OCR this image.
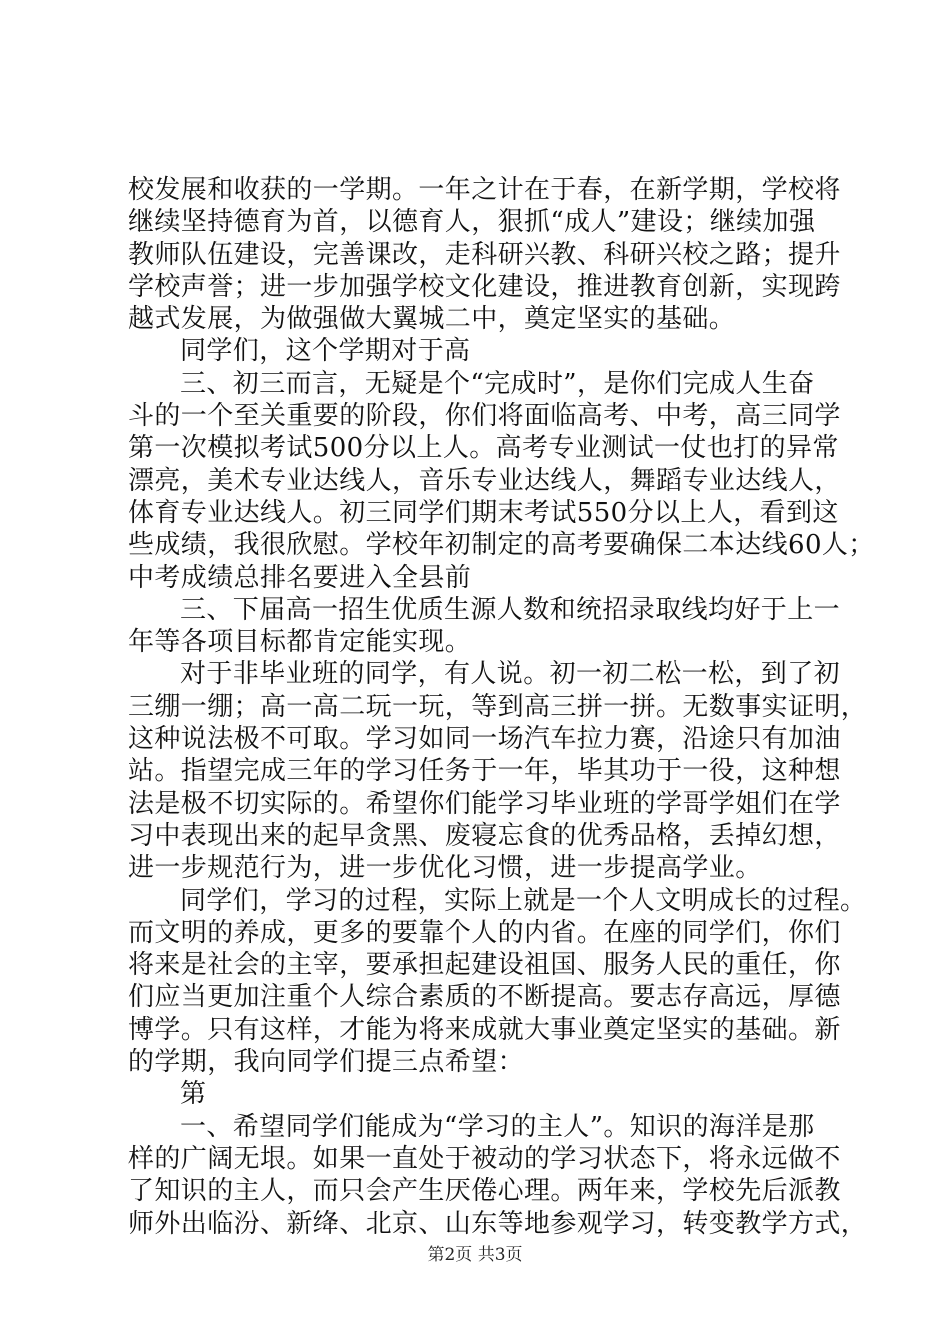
校发展和收获的一学期。一年之计在于春，在新学期，学校将
继续坚持德育为首，以德育人，狠抓“成人”建设；继续加强
教师队伍建设，完善课改，走科研兴教、科研兴校之路；提升
学校声誉；进一步加强学校文化建设，推进教育创新，实现跨
越式发展，为做强做大翼城二中，奠定坚实的基础。
同学们，这个学期对于高
三、初三而言，无疑是个“完成时”，是你们完成人生奋
斗的一个至关重要的阶段，你们将面临高考、中考，高三同学
第一次模拟考试500分以上人。高考专业测试一仗也打的异常
漂亮，美术专业达线人，音乐专业达线人，舞蹈专业达线人，
体育专业达线人。初三同学们期末考试550分以上人，看到这
些成绩，我很欣慰。学校年初制定的高考要确保二本达线60人；
中考成绩总排名要进入全县前
三、下届高一招生优质生源人数和统招录取线均好于上一
年等各项目标都肯定能实现。
对于非毕业班的同学，有人说。初一初二松一松，到了初
三绷一绷；高一高二玩一玩，等到高三拼一拼。无数事实证明，
这种说法极不可取。学习如同一场汽车拉力赛，沿途只有加油
站。指望完成三年的学习任务于一年，毕其功于一役，这种想
法是极不切实际的。希望你们能学习毕业班的学哥学姐们在学
习中表现出来的起早贪黑、废寝忘食的优秀品格，丢掉幻想，
进一步规范行为，进一步优化习惯，进一步提高学业。
同学们，学习的过程，实际上就是一个人文明成长的过程。
而文明的养成，更多的要靠个人的内省。在座的同学们，你们
将来是社会的主宰，要承担起建设祖国、服务人民的重任，你
们应当更加注重个人综合素质的不断提高。要志存高远，厚德
博学。只有这样，才能为将来成就大事业奠定坚实的基础。新
的学期，我向同学们提三点希望：
第
一、希望同学们能成为“学习的主人”。知识的海洋是那
样的广阔无垠。如果一直处于被动的学习状态下，将永远做不
了知识的主人，而只会产生厌倦心理。两年来，学校先后派教
师外出临汾、新绛、北京、山东等地参观学习，转变教学方式，
第2页 共3页
